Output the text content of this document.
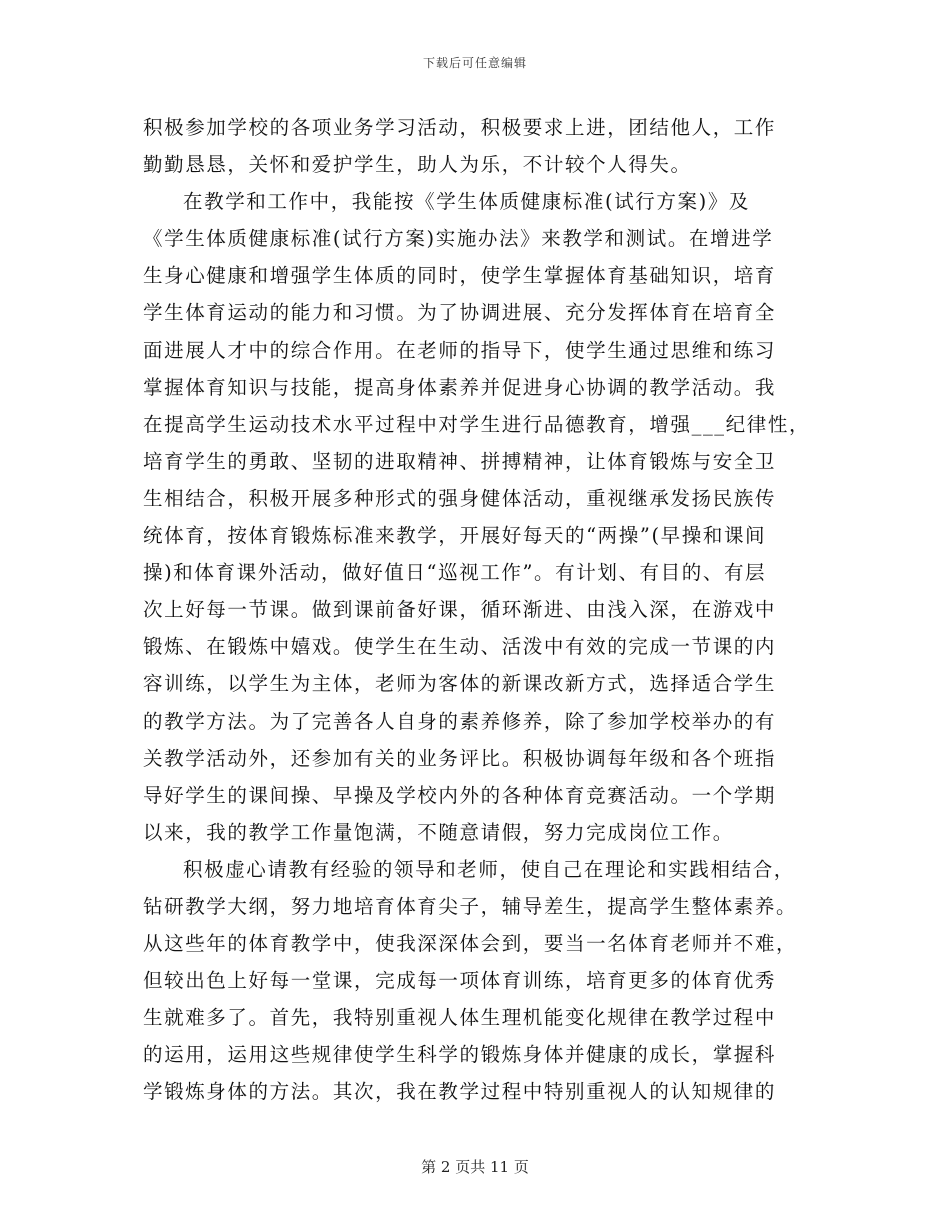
下载后可任意编辑
积极参加学校的各项业务学习活动，积极要求上进，团结他人，工作
勤勤恳恳，关怀和爱护学生，助人为乐，不计较个人得失。
在教学和工作中，我能按《学生体质健康标准(试行方案)》及
《学生体质健康标准(试行方案)实施办法》来教学和测试。在增进学
生身心健康和增强学生体质的同时，使学生掌握体育基础知识，培育
学生体育运动的能力和习惯。为了协调进展、充分发挥体育在培育全
面进展人才中的综合作用。在老师的指导下，使学生通过思维和练习
掌握体育知识与技能，提高身体素养并促进身心协调的教学活动。我
在提高学生运动技术水平过程中对学生进行品德教育，增强___纪律性，
培育学生的勇敢、坚韧的进取精神、拼搏精神，让体育锻炼与安全卫
生相结合，积极开展多种形式的强身健体活动，重视继承发扬民族传
统体育，按体育锻炼标准来教学，开展好每天的“两操”(早操和课间
操)和体育课外活动，做好值日“巡视工作”。有计划、有目的、有层
次上好每一节课。做到课前备好课，循环渐进、由浅入深，在游戏中
锻炼、在锻炼中嬉戏。使学生在生动、活泼中有效的完成一节课的内
容训练，以学生为主体，老师为客体的新课改新方式，选择适合学生
的教学方法。为了完善各人自身的素养修养，除了参加学校举办的有
关教学活动外，还参加有关的业务评比。积极协调每年级和各个班指
导好学生的课间操、早操及学校内外的各种体育竞赛活动。一个学期
以来，我的教学工作量饱满，不随意请假，努力完成岗位工作。
积极虚心请教有经验的领导和老师，使自己在理论和实践相结合，
钻研教学大纲，努力地培育体育尖子，辅导差生，提高学生整体素养。
从这些年的体育教学中，使我深深体会到，要当一名体育老师并不难，
但较出色上好每一堂课，完成每一项体育训练，培育更多的体育优秀
生就难多了。首先，我特别重视人体生理机能变化规律在教学过程中
的运用，运用这些规律使学生科学的锻炼身体并健康的成长，掌握科
学锻炼身体的方法。其次，我在教学过程中特别重视人的认知规律的
第 2 页共 11 页
